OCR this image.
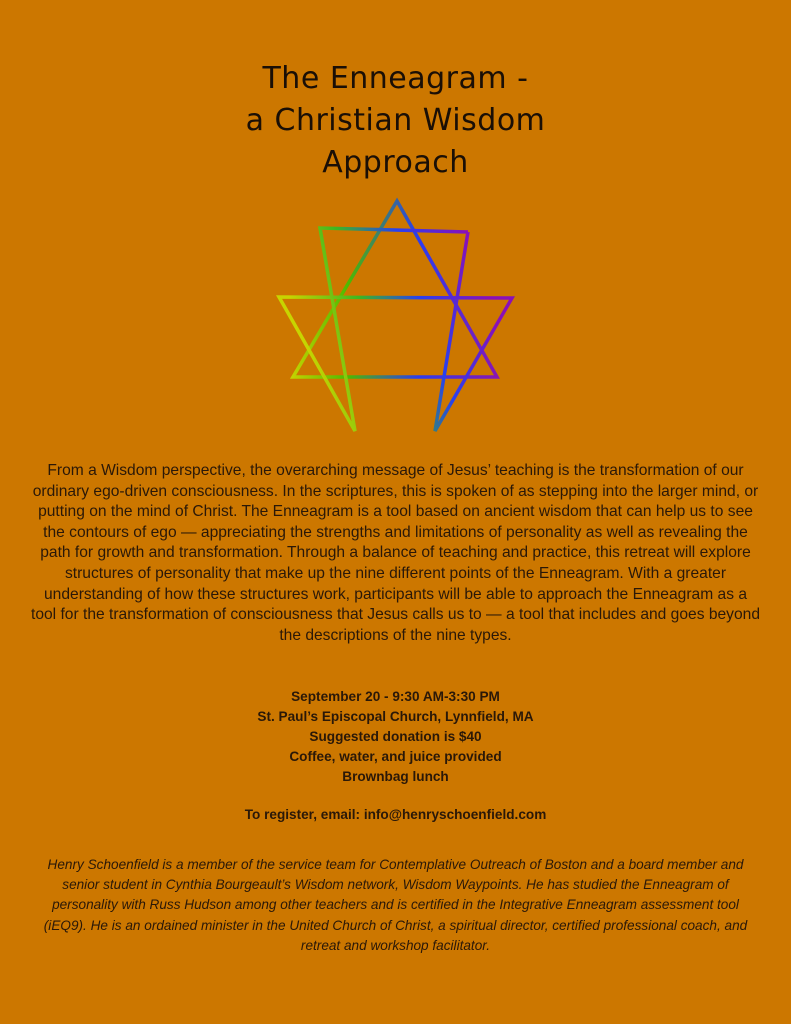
The Enneagram -
a Christian Wisdom
Approach

From a Wisdom perspective, the overarching message of Jesus’ teaching is the transformation of our ordinary ego-driven consciousness. In the scriptures, this is spoken of as stepping into the larger mind, or putting on the mind of Christ. The Enneagram is a tool based on ancient wisdom that can help us to see the contours of ego — appreciating the strengths and limitations of personality as well as revealing the path for growth and transformation. Through a balance of teaching and practice, this retreat will explore structures of personality that make up the nine different points of the Enneagram. With a greater understanding of how these structures work, participants will be able to approach the Enneagram as a tool for the transformation of consciousness that Jesus calls us to — a tool that includes and goes beyond the descriptions of the nine types.

September 20 - 9:30 AM-3:30 PM
St. Paul’s Episcopal Church, Lynnfield, MA
Suggested donation is $40
Coffee, water, and juice provided
Brownbag lunch
To register, email: info@henryschoenfield.com

Henry Schoenfield is a member of the service team for Contemplative Outreach of Boston and a board member and senior student in Cynthia Bourgeault’s Wisdom network, Wisdom Waypoints. He has studied the Enneagram of personality with Russ Hudson among other teachers and is certified in the Integrative Enneagram assessment tool (iEQ9). He is an ordained minister in the United Church of Christ, a spiritual director, certified professional coach, and retreat and workshop facilitator.
